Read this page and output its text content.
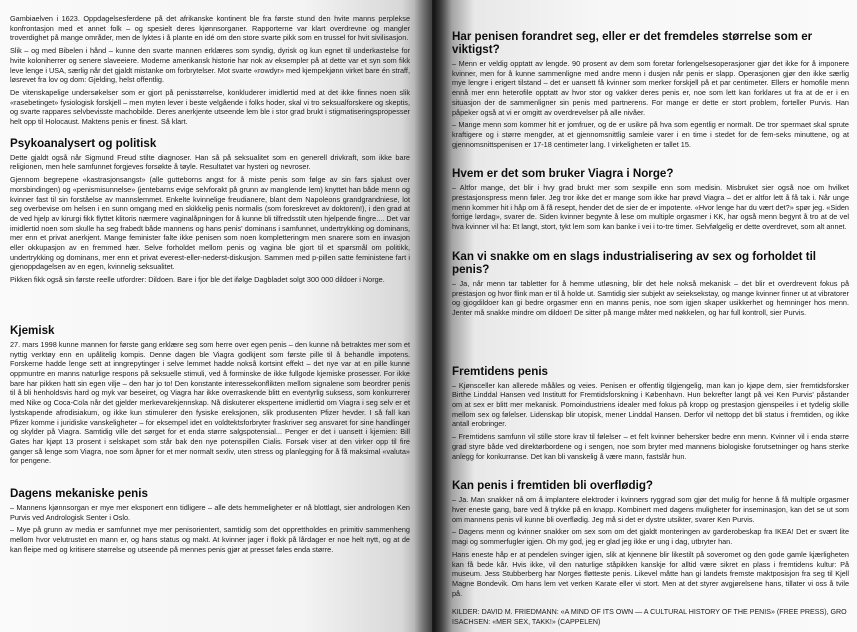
Gambiaelven i 1623. Oppdagelsesferdene på det afrikanske kontinent ble fra første stund den hvite manns perplekse konfrontasjon med et annet folk – og spesielt deres kjønnsorganer. Rapporterne var klart overdrevne og mangler troverdighet på mange områder, men de lyktes i å plante en idé om den store svarte pikk som en trussel for hvit sivilisasjon.

Slik – og med Bibelen i hånd – kunne den svarte mannen erklæres som syndig, dyrisk og kun egnet til underkastelse for hvite koloniherrer og senere slaveeiere. Moderne amerikansk historie har nok av eksempler på at dette var et syn som fikk leve lenge i USA, særlig når det gjaldt mistanke om forbrytelser. Mot svarte «rowdyr» med kjempekjønn virket bare én straff, løsrevet fra lov og dom: Gjelding, helst offentlig.

De vitenskapelige undersøkelser som er gjort på penisstørrelse, konkluderer imidlertid med at det ikke finnes noen slik «rasebetinget» fysiologisk forskjell – men myten lever i beste velgående i folks hoder, skal vi tro seksualforskere og skeptis, og svarte rappares selvbevisste machobilde. Deres anerkjente utseende lem ble i stor grad brukt i stigmatiseringspropesser helt opp til Holocaust. Maktens penis er finest. Så klart.

Psykoanalysert og politisk

Dette gjaldt også når Sigmund Freud stilte diagnoser. Han så på seksualitet som en generell drivkraft, som ikke bare religionen, men hele samfunnet forgjeves forsøkte å tøyle. Resultatet var hysteri og nevroser.

Gjennom begrepene «kastrasjonsangst» (alle gutteborns angst for å miste penis som følge av sin fars sjalust over morsbindingen) og «penismisunnelse» (jentebarns evige selvforakt på grunn av manglende lem) knyttet han både menn og kvinner fast til sin forståelse av mannslemmet. Enkelte kvinnelige freudianere, blant dem Napoleons grandgrandniese, lot seg overbevise om helsen i en sunn omgang med en skikkelig penis normalis (som foreskrevet av doktoren!), i den grad at de ved hjelp av kirurgi fikk flyttet klitoris nærmere vaginalåpningen for å kunne bli tilfredsstilt uten hjelpende fingre.... Det var imidlertid noen som skulle ha seg frabedt både mannens og hans penis' dominans i samfunnet, undertrykking og dominans, mer enn et privat anerkjent. Mange feminister falte ikke penisen som noen kompletteringm men snarere som en invasjon eller okkupasjon av en fremmed hær. Selve forholdet mellom penis og vagina ble gjort til et spørsmål om politikk, undertrykking og dominans, mer enn et privat everest-eller-nederst-diskusjon. Sammen med p-pillen satte feministene fart i gjenoppdagelsen av en egen, kvinnelig seksualitet.

Pikken fikk også sin første reelle utfordrer: Dildoen. Bare i fjor ble det ifølge Dagbladet solgt 300 000 dildoer i Norge.

Kjemisk

27. mars 1998 kunne mannen for første gang erklære seg som herre over egen penis – den kunne nå betraktes mer som et nyttig verktøy enn en upålitelig kompis. Denne dagen ble Viagra godkjent som første pille til å behandle impotens. Forskerne hadde lenge sett at inngrepytinger i selve lemmet hadde nokså kortsint effekt – det nye var at en pille kunne oppmuntre en manns naturlige respons på seksuelle stimuli, ved å forminske de ikke fullgode kjemiske prosesser. For ikke bare har pikken hatt sin egen vilje – den har jo to! Den konstante interessekonflikten mellom signalene som beordrer penis til å bli henholdsvis hard og myk var beseiret, og Viagra har ikke overraskende blitt en eventyrlig suksess, som konkurrerer med Nike og Coca-Cola når det gjelder merkevarekjennskap. Nå diskuterer ekspertene imidlertid om Viagra i seg selv er et lystskapende afrodisiakum, og ikke kun stimulerer den fysiske ereksjonen, slik produsenten Pfizer hevder. I så fall kan Pfizer komme i juridiske vanskeligheter – for eksempel idet en voldtektsforbryter fraskriver seg ansvaret for sine handlinger og skylder på Viagra. Samtidig ville det sørget for et enda større salgspotensial... Penger er det i uansett i kjemien: Bill Gates har kjøpt 13 prosent i selskapet som står bak den nye potenspillen Cialis. Forsøk viser at den virker opp til fire ganger så lenge som Viagra, noe som åpner for et mer normalt sexliv, uten stress og planlegging for å få maksimal «valuta» for pengene.

Dagens mekaniske penis

– Mannens kjønnsorgan er mye mer eksponert enn tidligere – alle dets hemmeligheter er nå blottlagt, sier andrologen Ken Purvis ved Andrologisk Senter i Oslo.

– Mye på grunn av media er samfunnet mye mer penisorientert, samtidig som det opprettholdes en primitiv sammenheng mellom hvor velutrustet en mann er, og hans status og makt. At kvinner jager i flokk på lårdager er noe helt nytt, og at de kan fleipe med og kritisere størrelse og utseende på mennes penis gjør at presset føles enda større.

Har penisen forandret seg, eller er det fremdeles størrelse som er viktigst?

– Menn er veldig opptatt av lengde. 90 prosent av dem som foretar forlengelsesoperasjoner gjør det ikke for å imponere kvinner, men for å kunne sammenligne med andre menn i dusjen når penis er slapp. Operasjonen gjør den ikke særlig mye lengre i erigert tilstand – det er uansett få kvinner som merker forskjell på et par centimeter. Ellers er homofile menn ennå mer enn heterofile opptatt av hvor stor og vakker deres penis er, noe som lett kan forklares ut fra at de er i en situasjon der de sammenligner sin penis med partnerens. For mange er dette er stort problem, forteller Purvis. Han påpeker også at vi er omgitt av overdrevelser på alle nivåer.

– Mange menn som kommer hit er jomfruer, og de er usikre på hva som egentlig er normalt. De tror spermaet skal sprute kraftigere og i større mengder, at et gjennomsnittlig samleie varer i en time i stedet for de fem-seks minuttene, og at gjennomsnittspenisen er 17-18 centimeter lang. I virkeligheten er tallet 15.

Hvem er det som bruker Viagra i Norge?

– Altfor mange, det blir i hvy grad brukt mer som sexpille enn som medisin. Misbruket sier også noe om hvilket prestasjonspress menn føler. Jeg tror ikke det er mange som ikke har prøvd Viagra – det er altfor lett å få tak i. Når unge menn kommer hit i håp om å få resept, hender det de sier de er impotente. «Hvor lenge har du vært det?» spør jeg. «Siden forrige lørdag», svarer de. Siden kvinner begynte å lese om multiple orgasmer i KK, har også menn begynt å tro at de vel hva kvinner vil ha: Et langt, stort, tykt lem som kan banke i vei i to-tre timer. Selvfølgelig er dette overdrevet, som alt annet.

Kan vi snakke om en slags industrialisering av sex og forholdet til penis?

– Ja, når menn tar tabletter for å hemme utløsning, blir det hele nokså mekanisk – det blir et overdrevent fokus på prestasjon og hvor flink man er til å holde ut. Samtidig sier subjekt av seieksekstay, og mange kvinner finner ut at vibratorer og gjogdildoer kan gi bedre orgasmer enn en manns penis, noe som igjen skaper usikkerhet og hemninger hos menn. Jenter må snakke mindre om dildoer! De sitter på mange måter med nøkkelen, og har full kontroll, sier Purvis.

Fremtidens penis

– Kjønsceller kan allerede mååles og veies. Penisen er offentlig tilgjengelig, man kan jo kjøpe dem, sier fremtidsforsker Birthe Linddal Hansen ved Institutt for Fremtidsforskning i København. Hun bekrefter langt på vei Ken Purvis' påstander om at sex er blitt mer mekanisk. Pornoindustriens idealer med fokus på kropp og prestasjon gjenspeiles i et tydelig skille mellom sex og følelser. Lidenskap blir utopisk, mener Linddal Hansen. Derfor vil nettopp det bli status i fremtiden, og ikke antall erobringer.

– Fremtidens samfunn vil stille store krav til følelser – et felt kvinner behersker bedre enn menn. Kvinner vil i enda større grad styre både ved direktørbordene og i sengen, noe som bryter med mannens biologiske forutsetninger og hans sterke anlegg for konkurranse. Det kan bli vanskelig å være mann, fastslår hun.

Kan penis i fremtiden bli overflødig?

– Ja. Man snakker nå om å implantere elektroder i kvinners ryggrad som gjør det mulig for henne å få multiple orgasmer hver eneste gang, bare ved å trykke på en knapp. Kombinert med dagens muligheter for inseminasjon, kan det se ut som om mannens penis vil kunne bli overflødig. Jeg må si det er dystre utsikter, svarer Ken Purvis.

– Dagens menn og kvinner snakker om sex som om det gjaldt monteringen av garderobeskap fra IKEA! Det er svært lite magi og sommerfugler igjen. Oh my god, jeg er glad jeg ikke er ung i dag, utbryter han.

Hans eneste håp er at pendelen svinger igjen, slik at kjennene blir likestilt på soveromet og den gode gamle kjærligheten kan få bede kår. Hvis ikke, vil den naturlige ståpikken kanskje for alltid være sikret en plass i fremtidens kultur: På museum. Jess Stubberberg har Norges fløtteste penis. Likevel måtte han gi landets fremste maktposisjon fra seg til Kjell Magne Bondevik. Om hans lem vet verken Karate eller vi stort. Men at det styrer avgjørelsene hans, tillater vi oss å tvile på.

KILDER: DAVID M. FRIEDMANN: «A MIND OF ITS OWN — A CULTURAL HISTORY OF THE PENIS» (FREE PRESS), GRO ISACHSEN: «MER SEX, TAKK!» (CAPPELEN)
